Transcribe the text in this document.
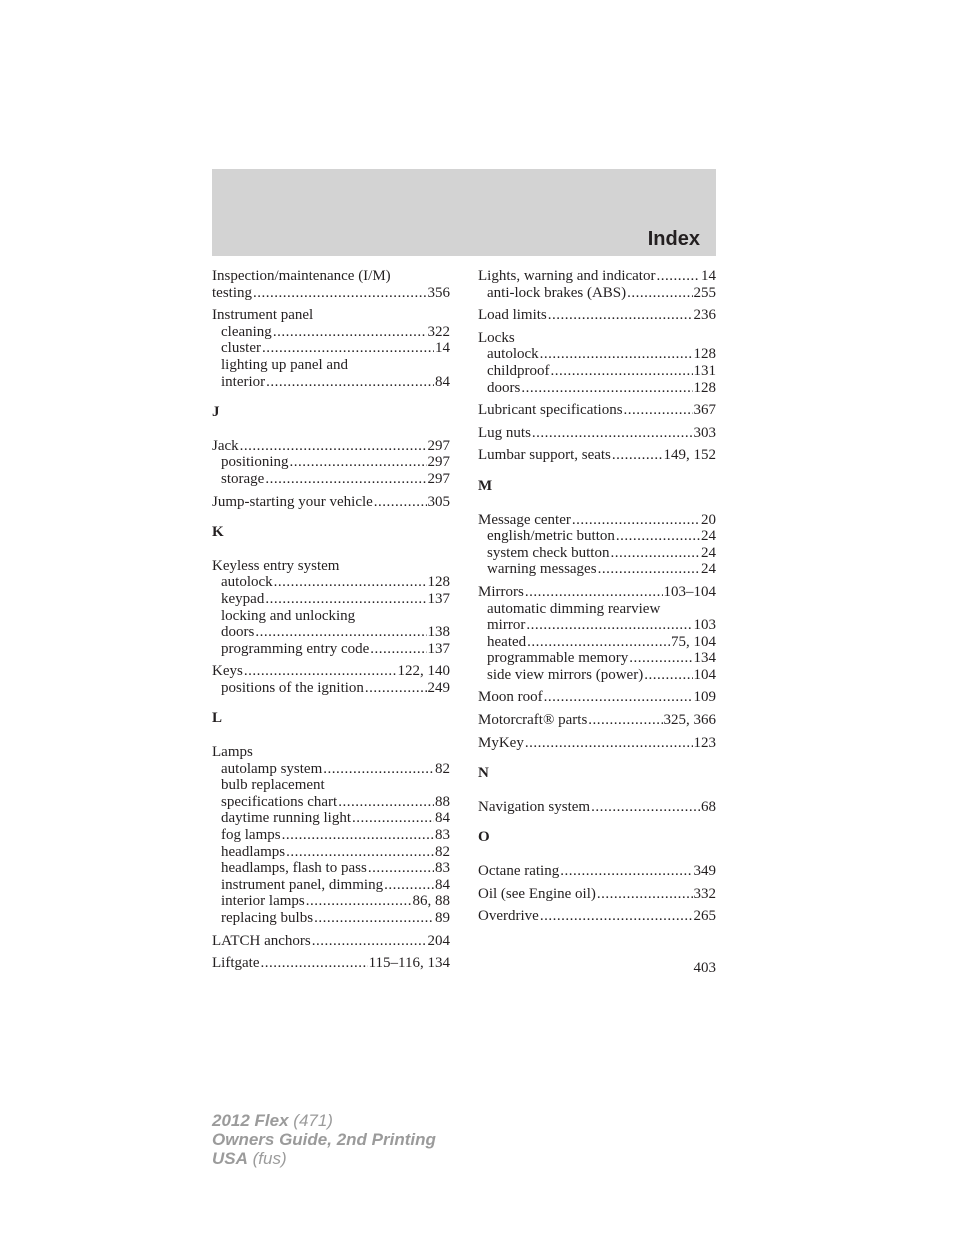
Index
Inspection/maintenance (I/M)
testing .....	356
Instrument panel
cleaning .....	322
cluster .....	14
lighting up panel and
interior .....	84
J
Jack .....	297
positioning .....	297
storage .....	297
Jump-starting your vehicle .....	305
K
Keyless entry system
autolock .....	128
keypad .....	137
locking and unlocking
doors .....	138
programming entry code .....	137
Keys .....	122, 140
positions of the ignition .....	249
L
Lamps
autolamp system .....	82
bulb replacement
specifications chart .....	88
daytime running light .....	84
fog lamps .....	83
headlamps .....	82
headlamps, flash to pass .....	83
instrument panel, dimming .....	84
interior lamps .....	86, 88
replacing bulbs .....	89
LATCH anchors .....	204
Liftgate .....	115–116, 134
Lights, warning and indicator .....	14
anti-lock brakes (ABS) .....	255
Load limits .....	236
Locks
autolock .....	128
childproof .....	131
doors .....	128
Lubricant specifications .....	367
Lug nuts .....	303
Lumbar support, seats .....	149, 152
M
Message center .....	20
english/metric button .....	24
system check button .....	24
warning messages .....	24
Mirrors .....	103–104
automatic dimming rearview
mirror .....	103
heated .....	75, 104
programmable memory .....	134
side view mirrors (power) .....	104
Moon roof .....	109
Motorcraft® parts .....	325, 366
MyKey .....	123
N
Navigation system .....	68
O
Octane rating .....	349
Oil (see Engine oil) .....	332
Overdrive .....	265
403
2012 Flex (471)
Owners Guide, 2nd Printing
USA (fus)
